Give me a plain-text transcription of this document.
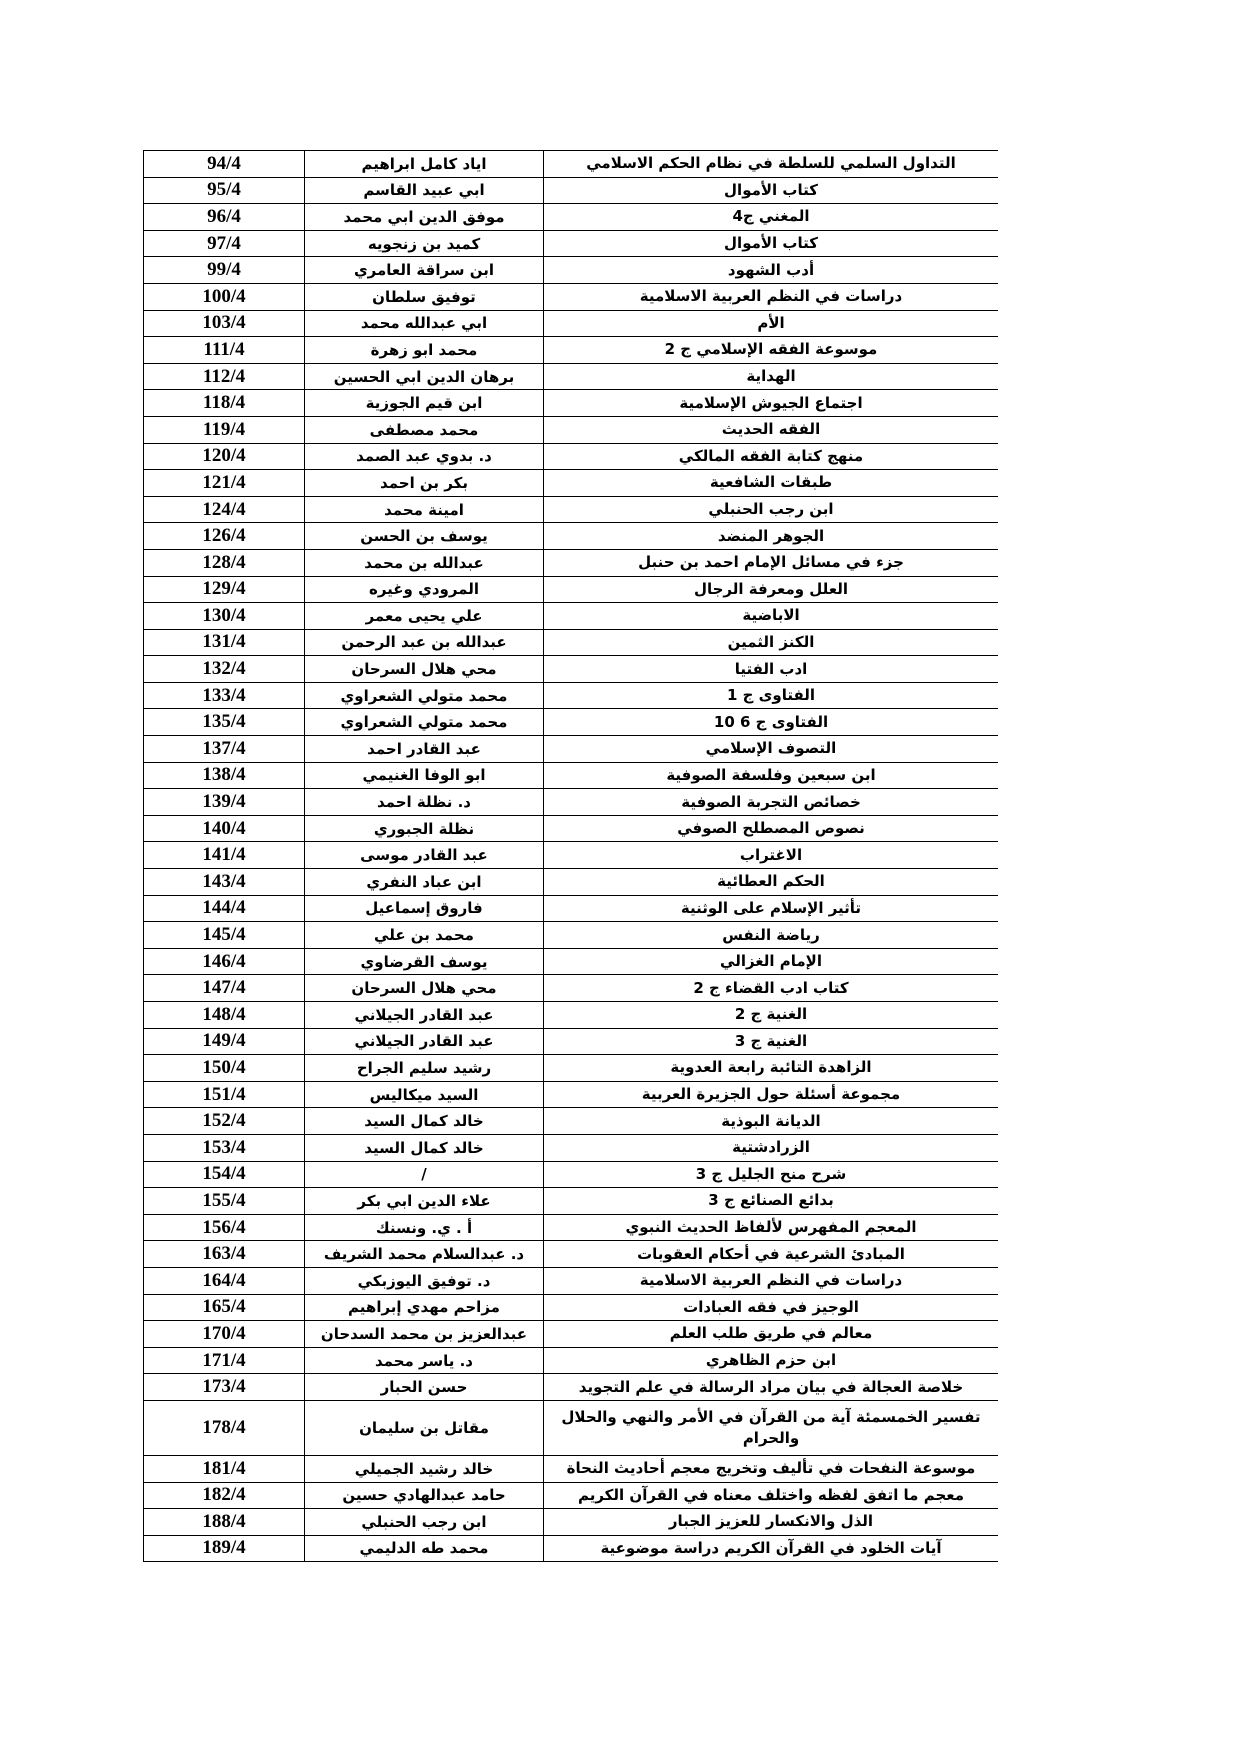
94/4	اياد كامل ابراهيم	التداول السلمي للسلطة في نظام الحكم الاسلامي
95/4	ابي عبيد القاسم	كتاب الأموال
96/4	موفق الدين ابي محمد	المغني ج4
97/4	كميد بن زنجويه	كتاب الأموال
99/4	ابن سراقة العامري	أدب الشهود
100/4	توفيق سلطان	دراسات في النظم العربية الاسلامية
103/4	ابي عبدالله محمد	الأم
111/4	محمد ابو زهرة	موسوعة الفقه الإسلامي ج 2
112/4	برهان الدين ابي الحسين	الهداية
118/4	ابن قيم الجوزية	اجتماع الجيوش الإسلامية
119/4	محمد مصطفى	الفقه الحديث
120/4	د. بدوي عبد الصمد	منهج كتابة الفقه المالكي
121/4	بكر بن احمد	طبقات الشافعية
124/4	امينة محمد	ابن رجب الحنبلي
126/4	يوسف بن الحسن	الجوهر المنضد
128/4	عبدالله بن محمد	جزء في مسائل الإمام احمد بن حنبل
129/4	المرودي وغيره	العلل ومعرفة الرجال
130/4	علي يحيى معمر	الاباضية
131/4	عبدالله بن عبد الرحمن	الكنز الثمين
132/4	محي هلال السرحان	ادب الفتيا
133/4	محمد متولي الشعراوي	الفتاوى ج 1
135/4	محمد متولي الشعراوي	الفتاوى ج 6 10
137/4	عبد القادر احمد	التصوف الإسلامي
138/4	ابو الوفا الغنيمي	ابن سبعين وفلسفة الصوفية
139/4	د. نظلة احمد	خصائص التجربة الصوفية
140/4	نظلة الجبوري	نصوص المصطلح الصوفي
141/4	عبد القادر موسى	الاغتراب
143/4	ابن عباد النفري	الحكم العطائية
144/4	فاروق إسماعيل	تأثير الإسلام على الوثنية
145/4	محمد بن علي	رياضة النفس
146/4	يوسف القرضاوي	الإمام الغزالي
147/4	محي هلال السرحان	كتاب ادب القضاء ج 2
148/4	عبد القادر الجيلاني	الغنية ج 2
149/4	عبد القادر الجيلاني	الغنية ج 3
150/4	رشيد سليم الجراح	الزاهدة التائبة رابعة العدوية
151/4	السيد ميكاليس	مجموعة أسئلة حول الجزيرة العربية
152/4	خالد كمال السيد	الديانة البوذية
153/4	خالد كمال السيد	الزرادشتية
154/4	/	شرح منح الجليل ج 3
155/4	علاء الدين ابي بكر	بدائع الصنائع ج 3
156/4	أ . ي. ونسنك	المعجم المفهرس لألفاظ الحديث النبوي
163/4	د. عبدالسلام محمد الشريف	المبادئ الشرعية في أحكام العقوبات
164/4	د. توفيق اليوزبكي	دراسات في النظم العربية الاسلامية
165/4	مزاحم مهدي إبراهيم	الوجيز في فقه العبادات
170/4	عبدالعزيز بن محمد السدحان	معالم في طريق طلب العلم
171/4	د. ياسر محمد	ابن حزم الظاهري
173/4	حسن الحبار	خلاصة العجالة في بيان مراد الرسالة في علم التجويد
178/4	مقاتل بن سليمان	تفسير الخمسمئة آية من القرآن في الأمر والنهي والحلال والحرام
181/4	خالد رشيد الجميلي	موسوعة النفحات في تأليف وتخريج معجم أحاديث النحاة
182/4	حامد عبدالهادي حسين	معجم ما اتفق لفظه واختلف معناه في القرآن الكريم
188/4	ابن رجب الحنبلي	الذل والانكسار للعزيز الجبار
189/4	محمد طه الدليمي	آيات الخلود في القرآن الكريم دراسة موضوعية
